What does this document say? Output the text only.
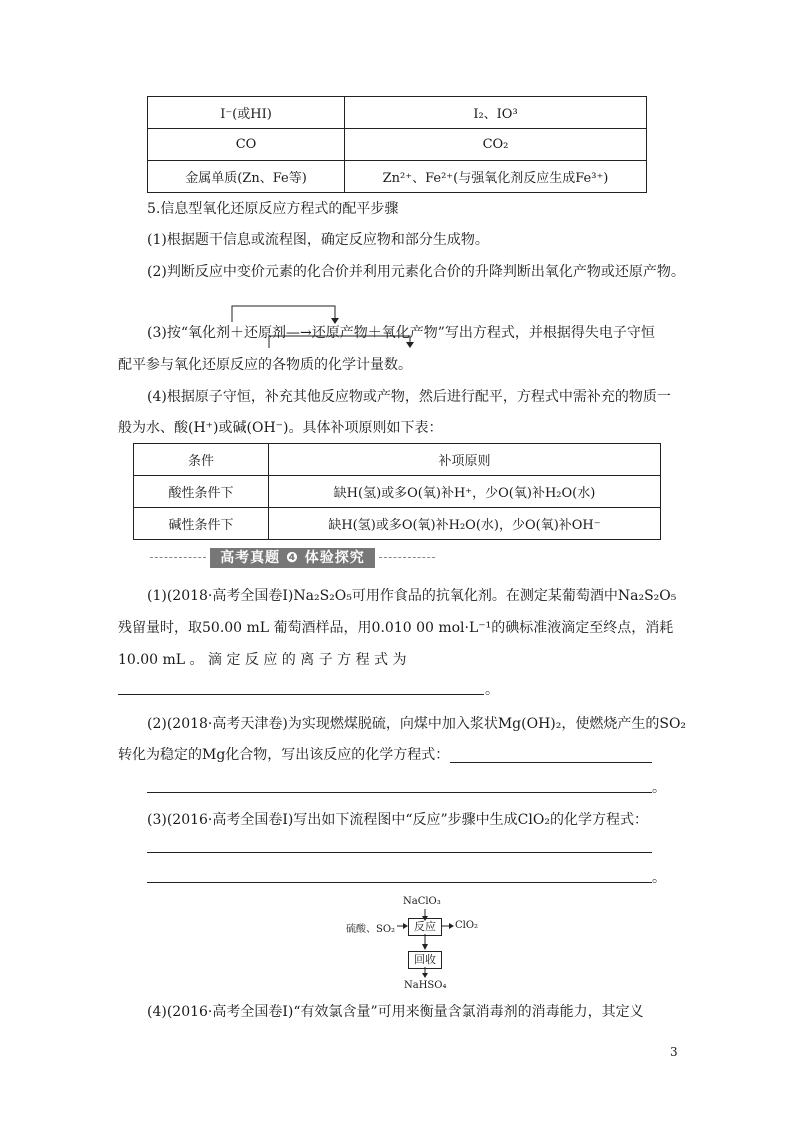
I⁻(或HI)	I₂、IO³
CO	CO₂
金属单质(Zn、Fe等)	Zn²⁺、Fe²⁺(与强氧化剂反应生成Fe³⁺)
5.信息型氧化还原反应方程式的配平步骤
(1)根据题干信息或流程图，确定反应物和部分生成物。
(2)判断反应中变价元素的化合价并利用元素化合价的升降判断出氧化产物或还原产物。
(3)按“氧化剂＋还原剂—→还原产物＋氧化产物”写出方程式，并根据得失电子守恒
配平参与氧化还原反应的各物质的化学计量数。
(4)根据原子守恒，补充其他反应物或产物，然后进行配平，方程式中需补充的物质一
般为水、酸(H⁺)或碱(OH⁻)。具体补项原则如下表：
条件	补项原则
酸性条件下	缺H(氢)或多O(氧)补H⁺，少O(氧)补H₂O(水)
碱性条件下	缺H(氢)或多O(氧)补H₂O(水)，少O(氧)补OH⁻
高考真题 ❹ 体验探究
(1)(2018·高考全国卷Ⅰ)Na₂S₂O₅可用作食品的抗氧化剂。在测定某葡萄酒中Na₂S₂O₅
残留量时，取50.00 mL 葡萄酒样品，用0.010 00 mol·L⁻¹的碘标准液滴定至终点，消耗
10.00 mL 。 滴 定 反 应 的 离 子 方 程 式 为
。
(2)(2018·高考天津卷)为实现燃煤脱硫，向煤中加入浆状Mg(OH)₂，使燃烧产生的SO₂
转化为稳定的Mg化合物，写出该反应的化学方程式：
。
(3)(2016·高考全国卷Ⅰ)写出如下流程图中“反应”步骤中生成ClO₂的化学方程式：
。
NaClO₃
硫酸、SO₂	反应	ClO₂
回收
NaHSO₄
(4)(2016·高考全国卷Ⅰ)“有效氯含量”可用来衡量含氯消毒剂的消毒能力，其定义
3
